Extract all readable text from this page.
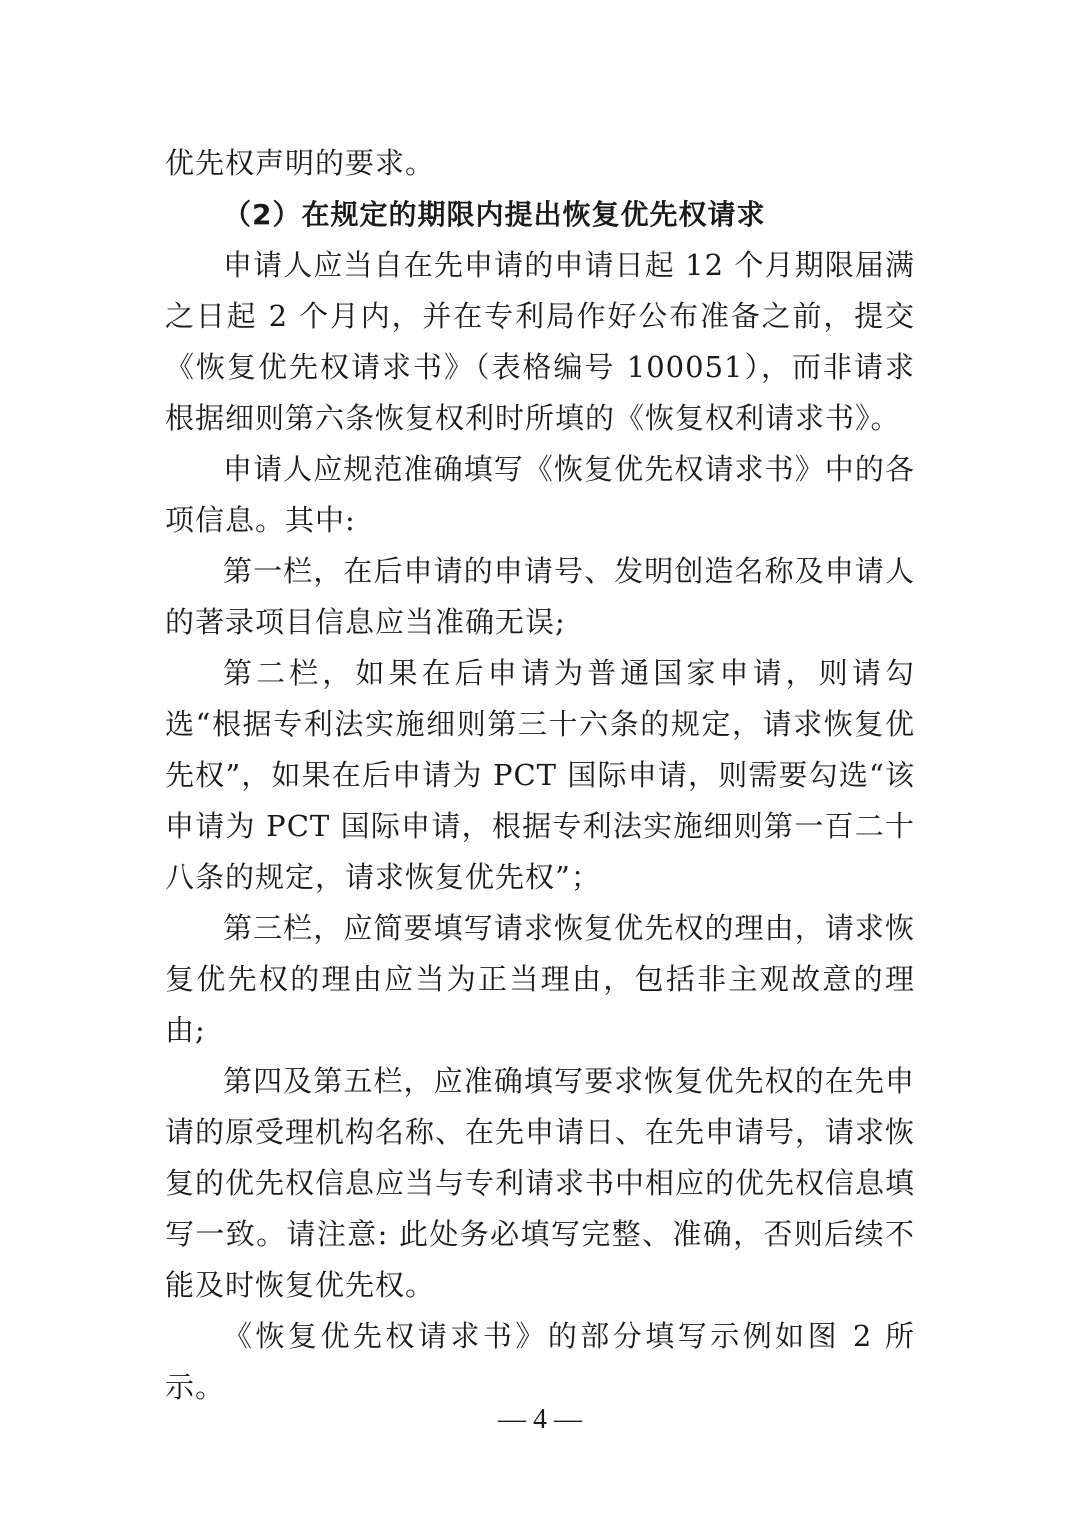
优先权声明的要求。

（2）在规定的期限内提出恢复优先权请求

申请人应当自在先申请的申请日起 12 个月期限届满之日起 2 个月内，并在专利局作好公布准备之前，提交《恢复优先权请求书》（表格编号 100051），而非请求根据细则第六条恢复权利时所填的《恢复权利请求书》。

申请人应规范准确填写《恢复优先权请求书》中的各项信息。其中:

第一栏，在后申请的申请号、发明创造名称及申请人的著录项目信息应当准确无误;

第二栏，如果在后申请为普通国家申请，则请勾选“根据专利法实施细则第三十六条的规定，请求恢复优先权”，如果在后申请为 PCT 国际申请，则需要勾选“该申请为 PCT 国际申请，根据专利法实施细则第一百二十八条的规定，请求恢复优先权”；

第三栏，应简要填写请求恢复优先权的理由，请求恢复优先权的理由应当为正当理由，包括非主观故意的理由;

第四及第五栏，应准确填写要求恢复优先权的在先申请的原受理机构名称、在先申请日、在先申请号，请求恢复的优先权信息应当与专利请求书中相应的优先权信息填写一致。请注意: 此处务必填写完整、准确，否则后续不能及时恢复优先权。

《恢复优先权请求书》的部分填写示例如图 2 所示。

— 4 —
